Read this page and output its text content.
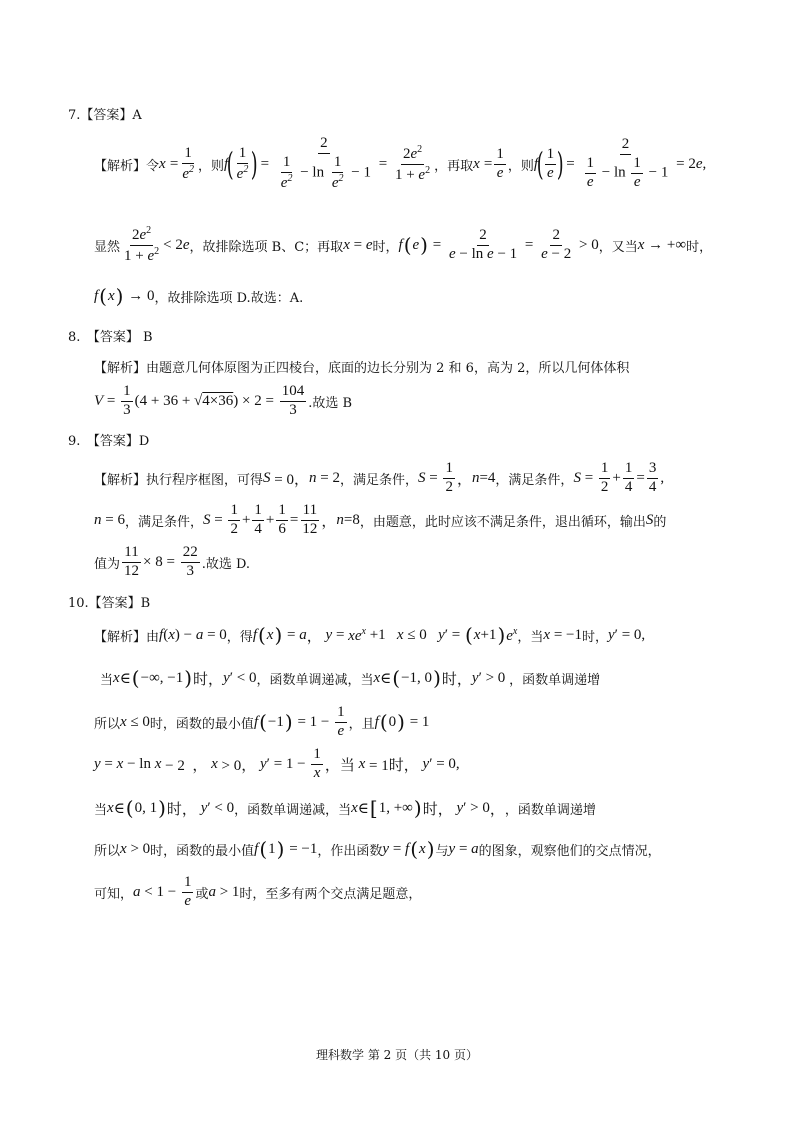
7.【答案】A
【解析】 令 x
= $\frac{1}{e^2}$ ，则 f
( $\frac{1}{e^2}$ )
= $\frac{2}{\frac{1}{e^2} - \ln \frac{1}{e^2} - 1} = \frac{2e^2}{1 + e^2}$ ，再取 x
= $\frac{1}{e}$ ，则 f
( $\frac{1}{e}$ )
= $\frac{2}{\frac{1}{e} - \ln \frac{1}{e} - 1} = 2e$,
显然 $\frac{2e^2}{1 + e^2} < 2e$ ，故排除选项 B、C；再取 x = e 时， f ( e ) = $\frac{2}{\text{e − ln e − 1}} = \frac{2}{e - 2} > 0$ ，又当 x → +∞ 时，
f ( x ) → 0 ，故排除选项 D.故选：A.
8.　【答案】 B
【解析】由题意几何体原图为正四棱台，底面的边长分别为 2 和 6，高为 2，所以几何体体积
$V = \frac{1}{3} (4 + 36 + √4\times 36) \times 2 = \frac{104}{3}$ .故选 B
9.　【答案】D
【解析】执行程序框图，可得 S = 0， n = 2 ，满足条件， $S = \frac{1}{2}$ ， n =4 ，满足条件， $S = \frac{1}{2} + \frac{1}{4} = \frac{3}{4}$ ,
n = 6 ，满足条件， $S = \frac{1}{2} + \frac{1}{4} + \frac{1}{6} = \frac{11}{12}$ ， n =8 ，由题意，此时应该不满足条件，退出循环，输出 S 的
值为 $\frac{11}{12} \times 8 = \frac{22}{3}$ .故选 D.
10.【答案】B
【解析】由 f ( x ) − a = 0 ，得 f ( x ) = a ， $y = xe^x +1$ x ≤ 0 y ′ = ( x +1 ) $e^x$ ，当 x = −1 时， y ′ = 0,
当 x ∈ ( −∞, −1 ) 时， y ′ < 0 ，函数单调递减，当 x ∈ ( −1, 0 ) 时， y ′ > 0 ，函数单调递增
所以 x ≤ 0 时，函数的最小值 f ( −1 ) = $1 - \frac{1}{e}$ ，且 f ( 0 ) = 1
y = x − ln x − 2  ， x > 0， y ′ = $1 - \frac{1}{x}$ ，当 x = 1时， y ′ = 0,
当 x ∈ ( 0, 1 ) 时， y ′ < 0 ，函数单调递减，当 x ∈ [ 1, +∞ ) 时， y ′ > 0 ， ，函数单调递增
所以 x > 0 时，函数的最小值 f ( 1 ) = −1 ，作出函数 y = f ( x ) 与 y = a 的图象，观察他们的交点情况，
可知， $a < 1 - \frac{1}{e}$ 或 a > 1 时，至多有两个交点满足题意，
理科数学 第 2 页（共 10 页）
